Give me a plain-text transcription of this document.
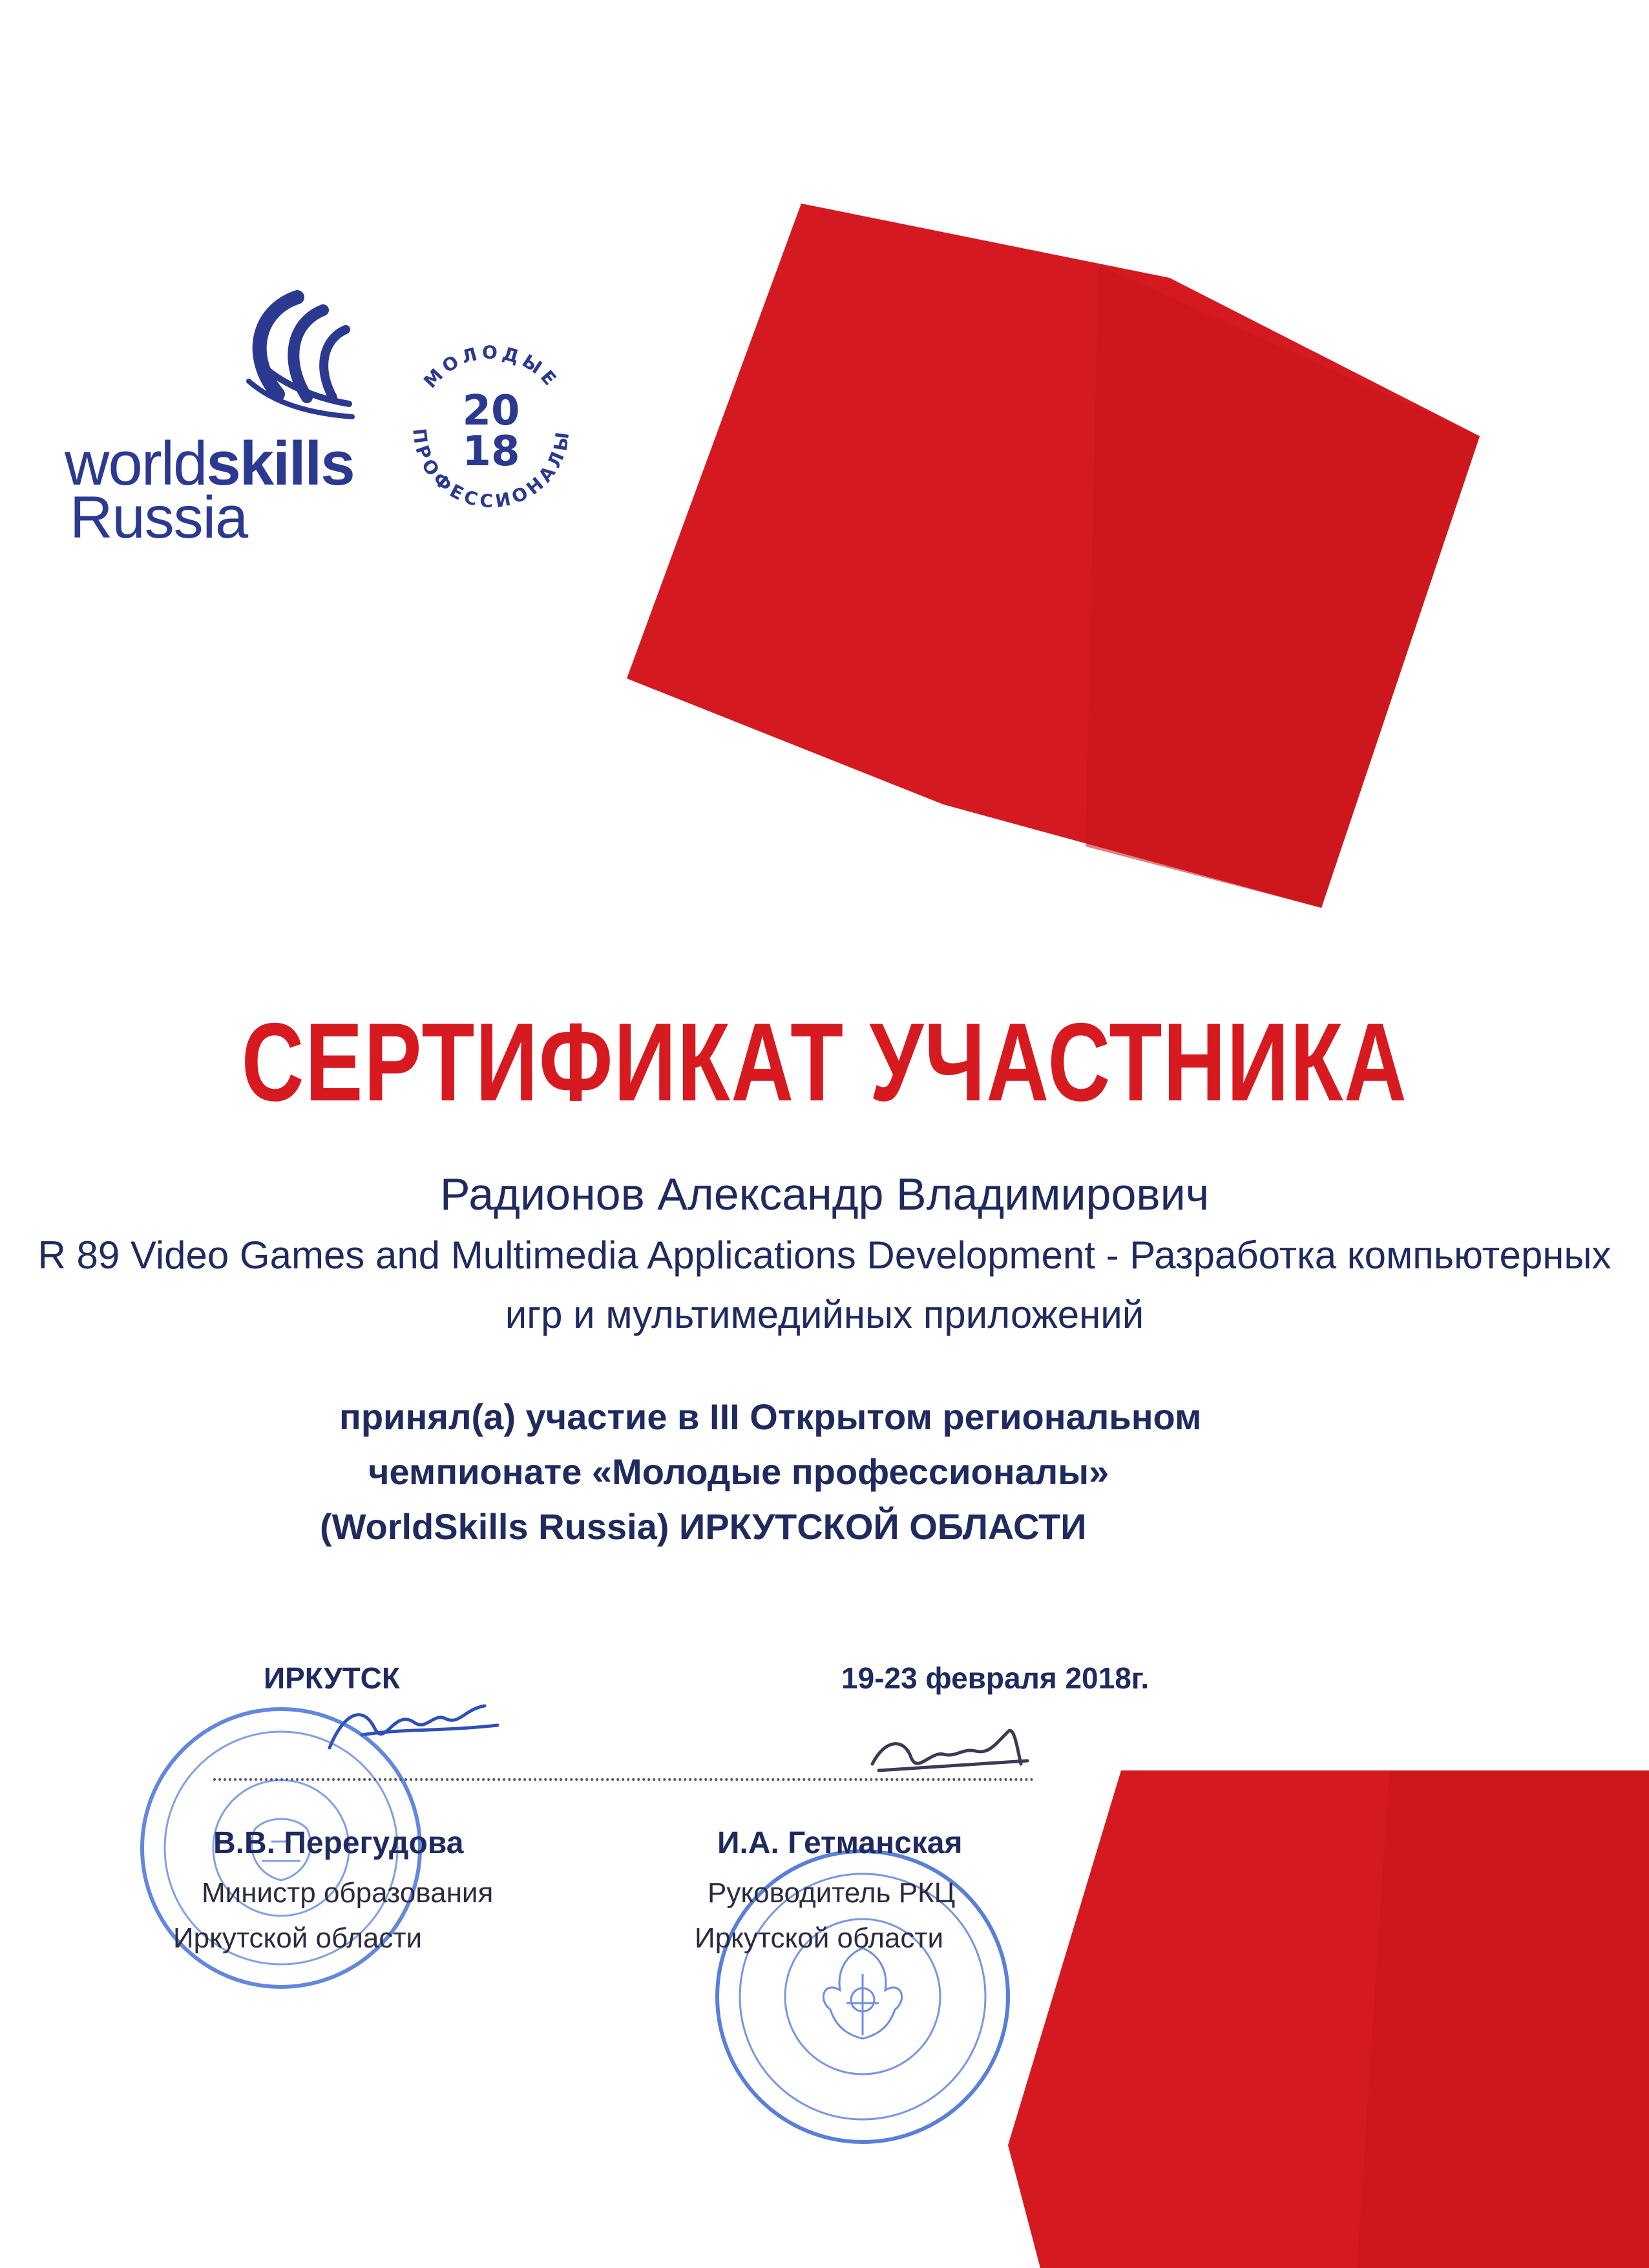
worldskills
Russia
МОЛОДЫЕ
ПРОФЕССИОНАЛЫ
20
18
СЕРТИФИКАТ УЧАСТНИКА
Радионов Александр Владимирович
R 89 Video Games and Multimedia Applications Development - Разработка компьютерных
игр и мультимедийных приложений
принял(а) участие в III Открытом региональном
чемпионате «Молодые профессионалы»
(WorldSkills Russia) ИРКУТСКОЙ ОБЛАСТИ
ИРКУТСК	19-23 февраля 2018г.
В.В. Перегудова
Министр образования
Иркутской области
И.А. Гетманская
Руководитель РКЦ
Иркутской области
